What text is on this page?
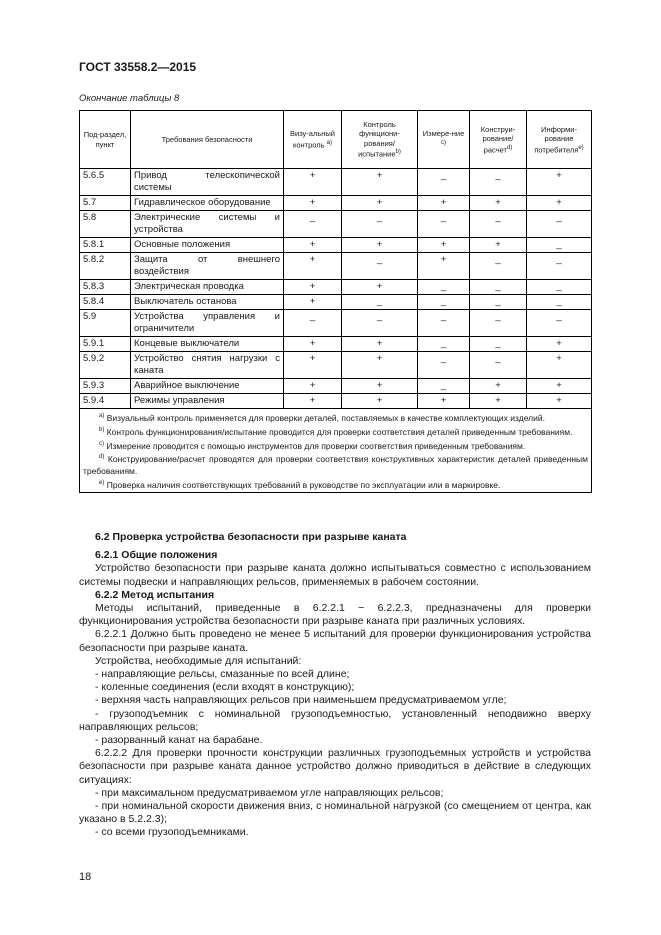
ГОСТ 33558.2—2015
Окончание таблицы 8
Под-раздел, пункт	Требования безопасности	Визу-альный контроль $^{а)}$	Контроль функциони-рования/ испытание$^{b)}$	Измере-ние $^{c)}$	Конструи-рование/ расчет$^{d)}$	Информи-рование потребителя$^{e)}$
5.6.5	Привод телескопической системы	+	+	_	_	+
5.7	Гидравлическое оборудование	+	+	+	+	+
5.8	Электрические системы и устройства	_	_	_	_	_
5.8.1	Основные положения	+	+	+	+	_
5.8.2	Защита от внешнего воздействия	+	_	+	_	_
5.8.3	Электрическая проводка	+	+	_	_	_
5.8.4	Выключатель останова	+	_	_	_	_
5.9	Устройства управления и ограничители	_	_	_	_	_
5.9.1	Концевые выключатели	+	+	_	_	+
5.9.2	Устройство снятия нагрузки с каната	+	+	_	_	+
5.9.3	Аварийное выключение	+	+	_	+	+
5.9.4	Режимы управления	+	+	+	+	+

$^{а)}$ Визуальный контроль применяется для проверки деталей, поставляемых в качестве комплектующих изделий.
$^{b)}$ Контроль функционирования/испытание проводится для проверки соответствия деталей приведенным требованиям.
$^{c)}$ Измерение проводится с помощью инструментов для проверки соответствия приведенным требованиям.
$^{d)}$ Конструирование/расчет проводятся для проверки соответствия конструктивных характеристик деталей приведенным требованиям.
$^{e)}$ Проверка наличия соответствующих требований в руководстве по эксплуатации или в маркировке.						

6.2 Проверка устройства безопасности при разрыве каната

6.2.1 Общие положения

Устройство безопасности при разрыве каната должно испытываться совместно с использованием системы подвески и направляющих рельсов, применяемых в рабочем состоянии.

6.2.2 Метод испытания

Методы испытаний, приведенные в 6.2.2.1 − 6.2.2.3, предназначены для проверки функционирования устройства безопасности при разрыве каната при различных условиях.

6.2.2.1 Должно быть проведено не менее 5 испытаний для проверки функционирования устройства безопасности при разрыве каната.

Устройства, необходимые для испытаний:

- направляющие рельсы, смазанные по всей длине;

- коленные соединения (если входят в конструкцию);

- верхняя часть направляющих рельсов при наименьшем предусматриваемом угле;

- грузоподъемник с номинальной грузоподъемностью, установленный неподвижно вверху направляющих рельсов;

- разорванный канат на барабане.

6.2.2.2 Для проверки прочности конструкции различных грузоподъемных устройств и устройства безопасности при разрыве каната данное устройство должно приводиться в действие в следующих ситуациях:

- при максимальном предусматриваемом угле направляющих рельсов;

- при номинальной скорости движения вниз, с номинальной нагрузкой (со смещением от центра, как указано в 5.2.2.3);

- со всеми грузоподъемниками.

18
